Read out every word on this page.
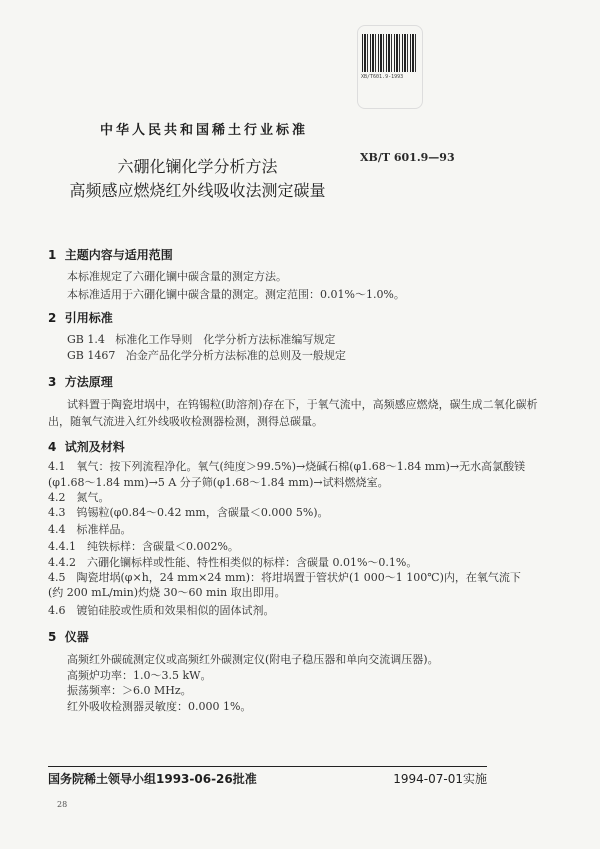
XB/T601.9-1993
中华人民共和国稀土行业标准
XB/T 601.9—93
六硼化镧化学分析方法
高频感应燃烧红外线吸收法测定碳量
1 主题内容与适用范围
本标准规定了六硼化镧中碳含量的测定方法。
本标准适用于六硼化镧中碳含量的测定。测定范围：0.01%～1.0%。
2 引用标准
GB 1.4 标准化工作导则　化学分析方法标准编写规定
GB 1467 冶金产品化学分析方法标准的总则及一般规定
3 方法原理
试料置于陶瓷坩埚中，在钨锡粒(助溶剂)存在下，于氧气流中，高频感应燃烧，碳生成二氧化碳析
出，随氧气流进入红外线吸收检测器检测，测得总碳量。
4 试剂及材料
4.1　氧气：按下列流程净化。氧气(纯度＞99.5%)→烧碱石棉(φ1.68～1.84 mm)→无水高氯酸镁
(φ1.68～1.84 mm)→5 A 分子筛(φ1.68～1.84 mm)→试料燃烧室。
4.2　氮气。
4.3　钨锡粒(φ0.84～0.42 mm，含碳量＜0.000 5%)。
4.4　标准样品。
4.4.1　纯铁标样：含碳量＜0.002%。
4.4.2　六硼化镧标样或性能、特性相类似的标样：含碳量 0.01%～0.1%。
4.5　陶瓷坩埚(φ×h，24 mm×24 mm)：将坩埚置于管状炉(1 000～1 100℃)内，在氧气流下
(约 200 mL/min)灼烧 30～60 min 取出即用。
4.6　镀铂硅胶或性质和效果相似的固体试剂。
5 仪器
高频红外碳硫测定仪或高频红外碳测定仪(附电子稳压器和单向交流调压器)。
高频炉功率：1.0～3.5 kW。
振荡频率：＞6.0 MHz。
红外吸收检测器灵敏度：0.000 1%。
国务院稀土领导小组1993-06-26批准	1994-07-01实施
28
